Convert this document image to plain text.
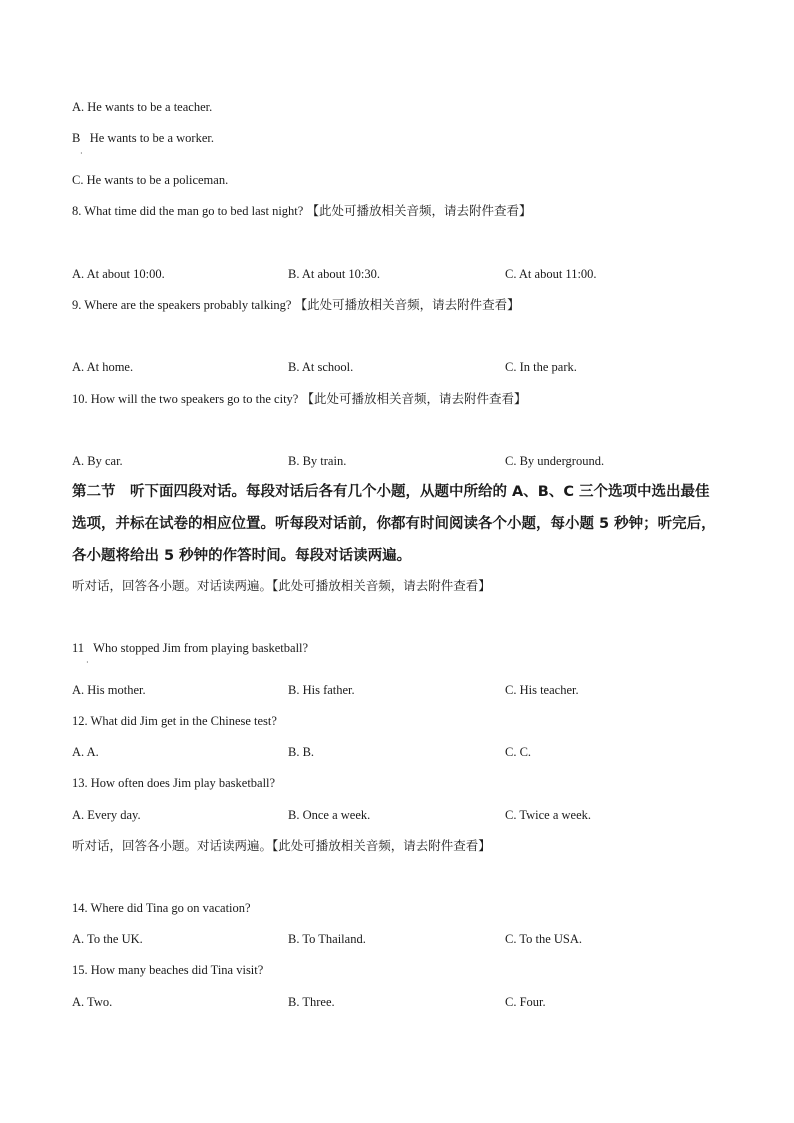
A. He wants to be a teacher.
B   He wants to be a worker.
·
C. He wants to be a policeman.
8. What time did the man go to bed last night? 【此处可播放相关音频，请去附件查看】
A. At about 10:00.	B. At about 10:30.	C. At about 11:00.
9. Where are the speakers probably talking? 【此处可播放相关音频，请去附件查看】
A. At home.	B. At school.	C. In the park.
10. How will the two speakers go to the city? 【此处可播放相关音频，请去附件查看】
A. By car.	B. By train.	C. By underground.
第二节　听下面四段对话。每段对话后各有几个小题，从题中所给的 A、B、C 三个选项中选出最佳选项，并标在试卷的相应位置。听每段对话前，你都有时间阅读各个小题，每小题 5 秒钟；听完后，各小题将给出 5 秒钟的作答时间。每段对话读两遍。
听对话，回答各小题。对话读两遍。【此处可播放相关音频，请去附件查看】
11   Who stopped Jim from playing basketball?
·
A. His mother.	B. His father.	C. His teacher.
12. What did Jim get in the Chinese test?
A. A.	B. B.	C. C.
13. How often does Jim play basketball?
A. Every day.	B. Once a week.	C. Twice a week.
听对话，回答各小题。对话读两遍。【此处可播放相关音频，请去附件查看】
14. Where did Tina go on vacation?
A. To the UK.	B. To Thailand.	C. To the USA.
15. How many beaches did Tina visit?
A. Two.	B. Three.	C. Four.
